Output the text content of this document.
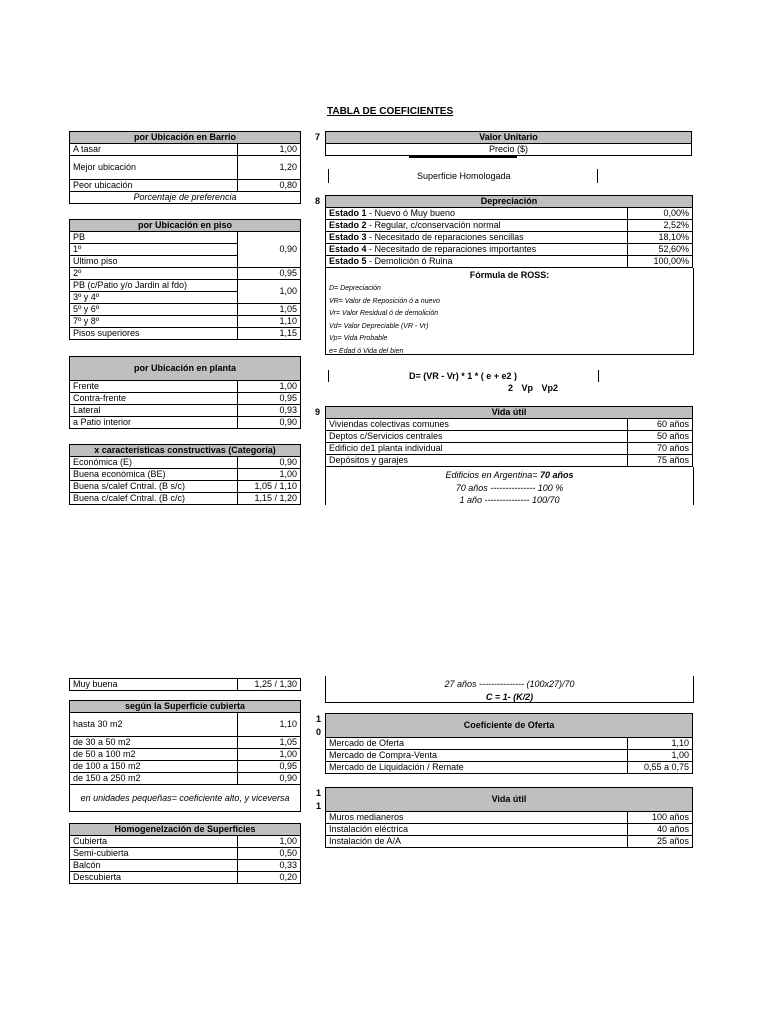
TABLA DE COEFICIENTES
por Ubicación en Barrio	
A tasar	1,00
Mejor ubicación	1,20
Peor ubicación	0,80
Porcentaje de preferencia	
por Ubicación en piso	
PB	0,90
1º	
Ultimo piso	
2º	0,95
PB (c/Patio y/o Jardin al fdo)	1,00
3º y 4º	
5º y 6º	1,05
7º y 8º	1,10
Pisos superiores	1,15
por Ubicación en planta	
Frente	1,00
Contra-frente	0,95
Lateral	0,93
a Patio interior	0,90
x características constructivas (Categoría)	
Económica (E)	0,90
Buena económica (BE)	1,00
Buena s/calef Cntral. (B s/c)	1,05 / 1,10
Buena c/calef Cntral. (B c/c)	1,15 / 1,20
Muy buena	1,25 / 1,30
según la Superficie cubierta	
hasta 30 m2	1,10
de 30 a 50 m2	1,05
de 50 a 100 m2	1,00
de 100 a 150 m2	0,95
de 150 a 250 m2	0,90
en unidades pequeñas= coeficiente alto, y viceversa	
Homogenelzación de Superficies	
Cubierta	1,00
Semi-cubierta	0,50
Balcón	0,33
Descubierta	0,20
7
8
9
1
0
1
1
Valor Unitario
Precio ($)
Superficie Homologada
Depreciación	
Estado 1 - Nuevo ó Muy bueno	0,00%
Estado 2 - Regular, c/conservación normal	2,52%
Estado 3 - Necesitado de reparaciones sencillas	18,10%
Estado 4 - Necesitado de reparaciones importantes	52,60%
Estado 5 - Demolición ó Ruina	100,00%
Fórmula de ROSS:
D= Depreciación
VR= Valor de Reposición ó a nuevo
Vr= Valor Residual ó de demolición
Vd= Valor Depreciable (VR - Vr)
Vp= Vida Probable
e= Edad ó Vida del bien
D= (VR - Vr) * 1 * ( e + e2 )
2 Vp Vp2
Vida útil	
Viviendas colectivas comunes	60 años
Deptos c/Servicios centrales	50 años
Edificio de1 planta individual	70 años
Depósitos y garajes	75 años
Edificios en Argentina= 70 años
70 años --------------- 100 %
1 año --------------- 100/70
27 años --------------- (100x27)/70
C = 1- (K/2)
Coeficiente de Oferta	
Mercado de Oferta	1,10
Mercado de Compra-Venta	1,00
Mercado de Liquidación / Remate	0,55 a 0,75
Vida útil	
Muros medianeros	100 años
Instalación eléctrica	40 años
Instalación de A/A	25 años
